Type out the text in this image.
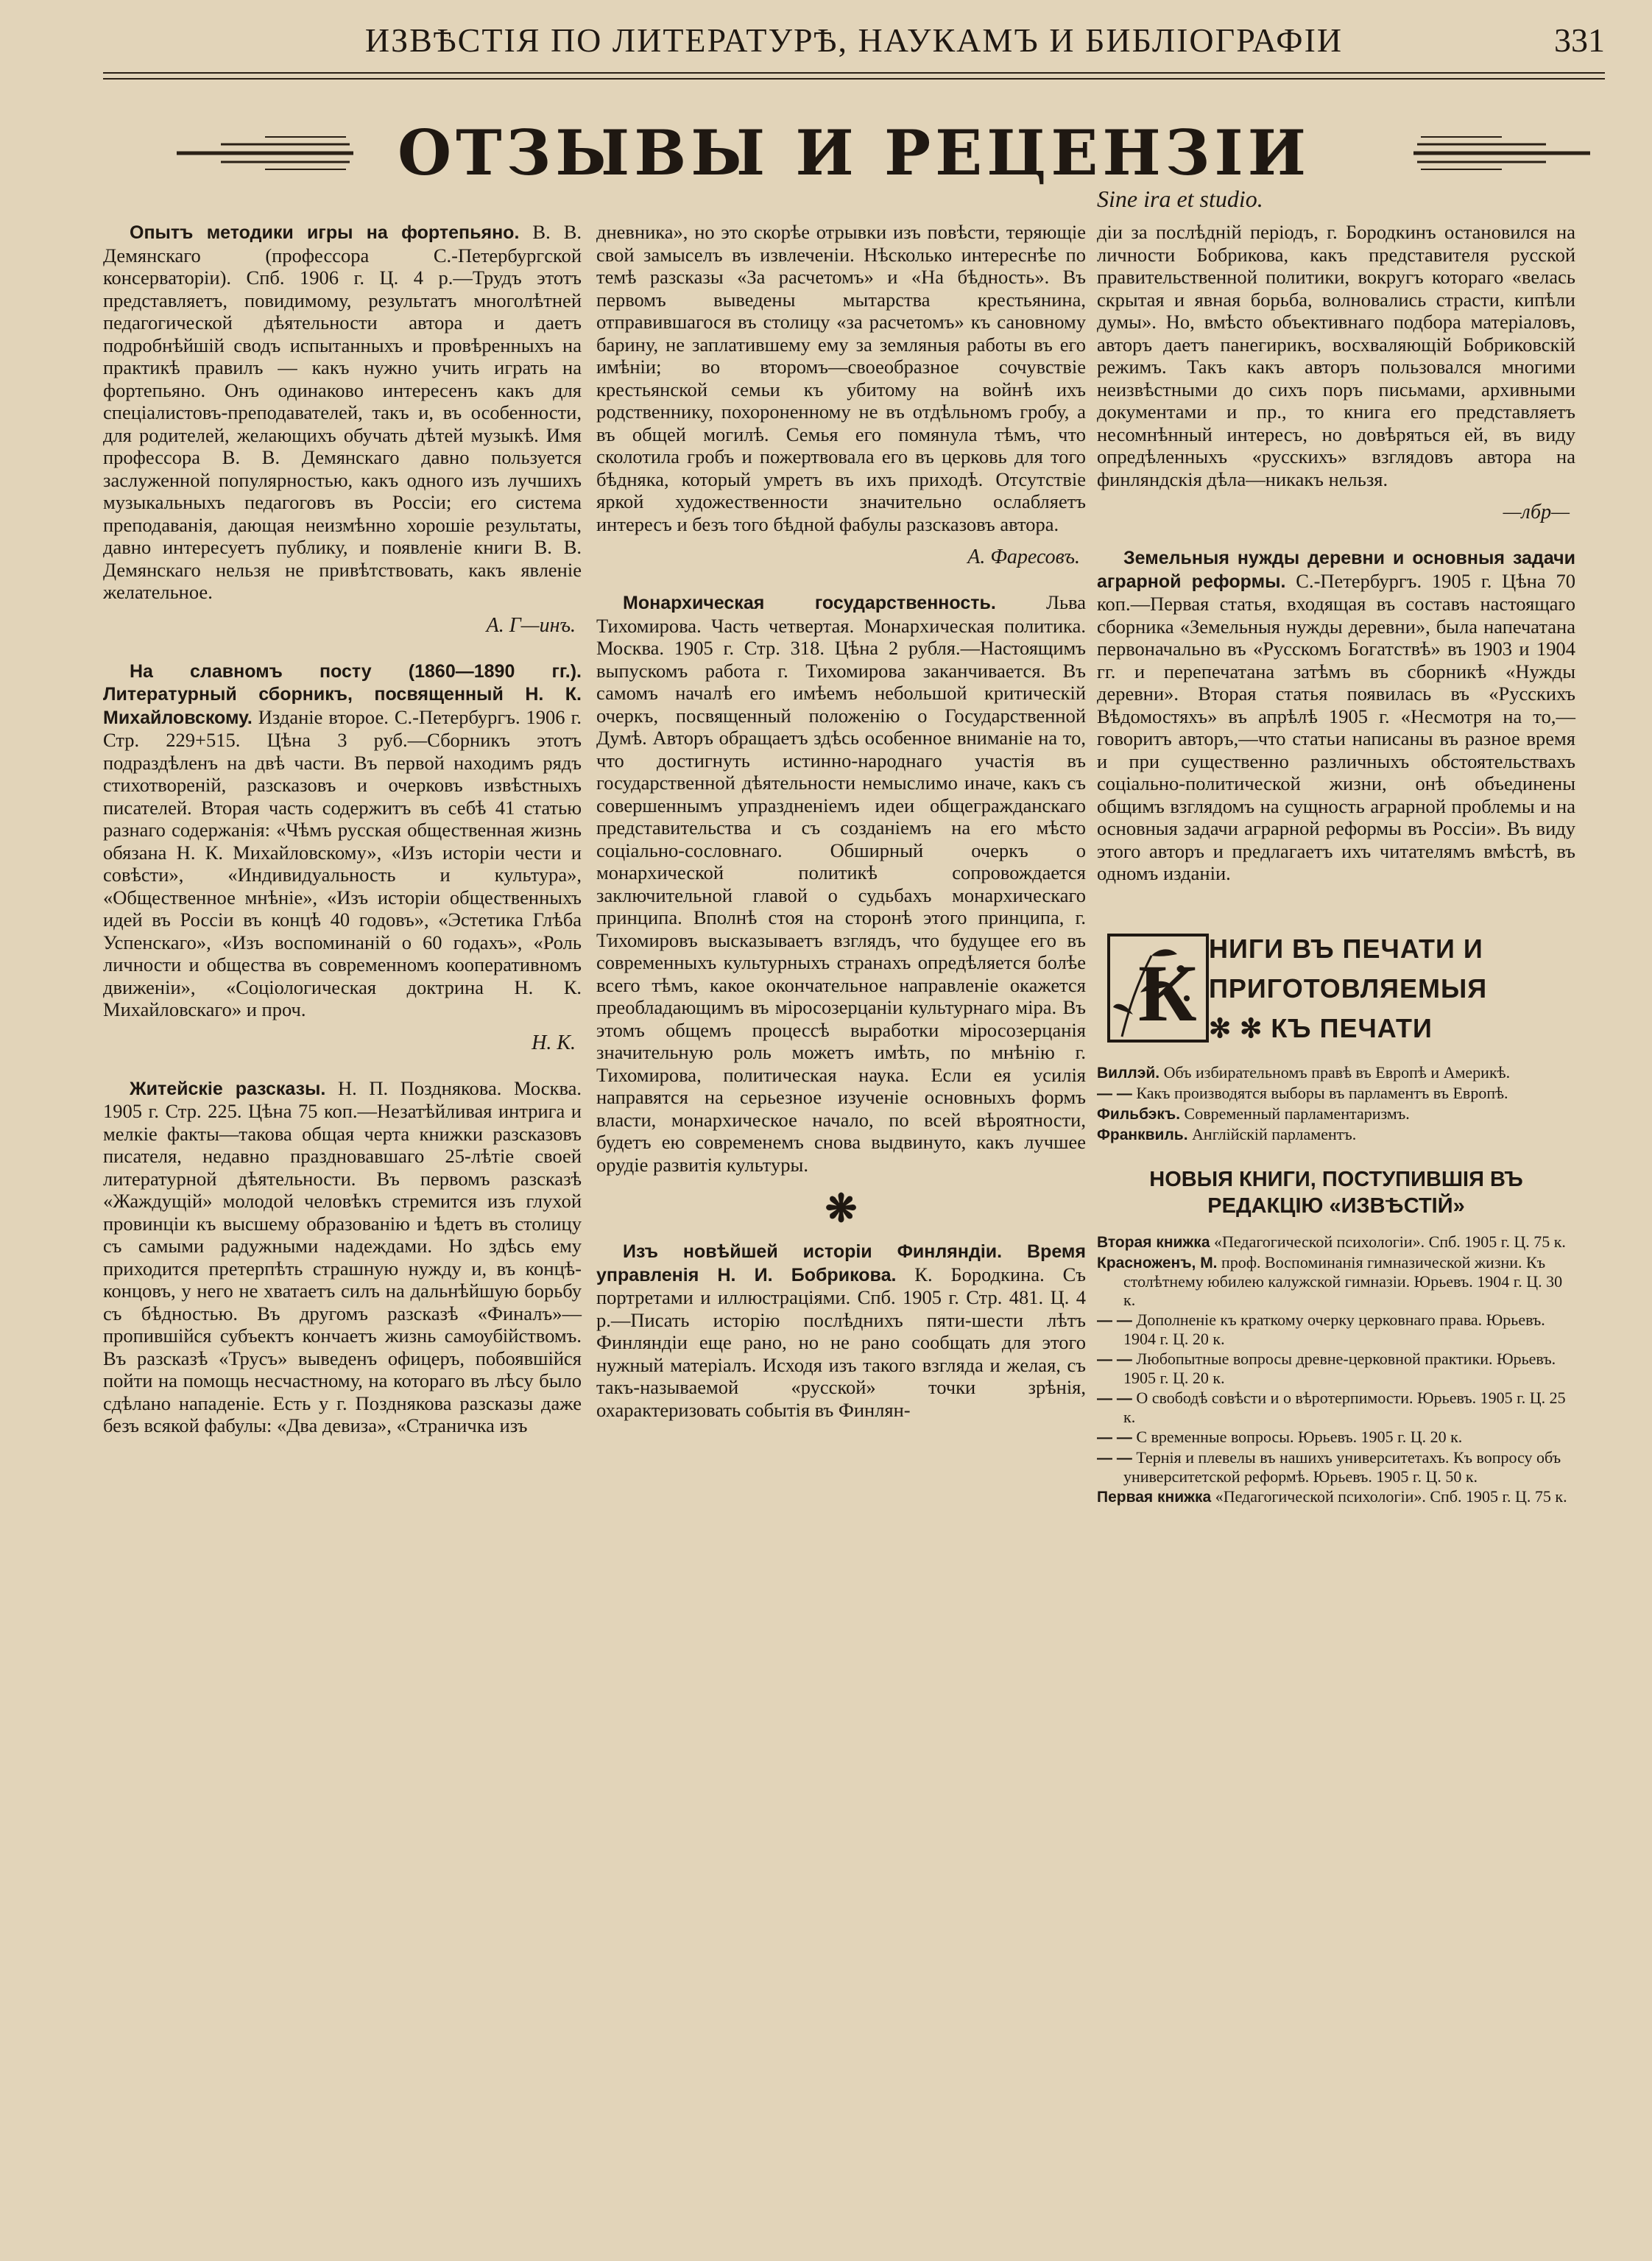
ИЗВѢСТІЯ ПО ЛИТЕРАТУРѢ, НАУКАМЪ И БИБЛІОГРАФІИ	331
ОТЗЫВЫ И РЕЦЕНЗІИ
Sine ira et studio.

Опытъ методики игры на фортепьяно. В. В. Демянскаго (профессора С.-Петербургской консерваторіи). Спб. 1906 г. Ц. 4 р.—Трудъ этотъ представляетъ, повидимому, результатъ многолѣтней педагогической дѣятельности автора и даетъ подробнѣйшій сводъ испытанныхъ и провѣренныхъ на практикѣ правилъ — какъ нужно учить играть на фортепьяно. Онъ одинаково интересенъ какъ для спеціалистовъ-преподавателей, такъ и, въ особенности, для родителей, желающихъ обучать дѣтей музыкѣ. Имя профессора В. В. Демянскаго давно пользуется заслуженной популярностью, какъ одного изъ лучшихъ музыкальныхъ педагоговъ въ Россіи; его система преподаванія, дающая неизмѣнно хорошіе результаты, давно интересуетъ публику, и появленіе книги В. В. Демянскаго нельзя не привѣтствовать, какъ явленіе желательное.

А. Г—инъ.

На славномъ посту (1860—1890 гг.). Литературный сборникъ, посвященный Н. К. Михайловскому. Изданіе второе. С.-Петербургъ. 1906 г. Стр. 229+515. Цѣна 3 руб.—Сборникъ этотъ подраздѣленъ на двѣ части. Въ первой находимъ рядъ стихотвореній, разсказовъ и очерковъ извѣстныхъ писателей. Вторая часть содержитъ въ себѣ 41 статью разнаго содержанія: «Чѣмъ русская общественная жизнь обязана Н. К. Михайловскому», «Изъ исторіи чести и совѣсти», «Индивидуальность и культура», «Общественное мнѣніе», «Изъ исторіи общественныхъ идей въ Россіи въ концѣ 40 годовъ», «Эстетика Глѣба Успенскаго», «Изъ воспоминаній о 60 годахъ», «Роль личности и общества въ современномъ кооперативномъ движеніи», «Соціологическая доктрина Н. К. Михайловскаго» и проч.

Н. К.

Житейскіе разсказы. Н. П. Позднякова. Москва. 1905 г. Стр. 225. Цѣна 75 коп.—Незатѣйливая интрига и мелкіе факты—такова общая черта книжки разсказовъ писателя, недавно праздновавшаго 25-лѣтіе своей литературной дѣятельности. Въ первомъ разсказѣ «Жаждущій» молодой человѣкъ стремится изъ глухой провинціи къ высшему образованію и ѣдетъ въ столицу съ самыми радужными надеждами. Но здѣсь ему приходится претерпѣть страшную нужду и, въ концѣ-концовъ, у него не хватаетъ силъ на дальнѣйшую борьбу съ бѣдностью. Въ другомъ разсказѣ «Финалъ»—пропившійся субъектъ кончаетъ жизнь самоубійствомъ. Въ разсказѣ «Трусъ» выведенъ офицеръ, побоявшійся пойти на помощь несчастному, на котораго въ лѣсу было сдѣлано нападеніе. Есть у г. Позднякова разсказы даже безъ всякой фабулы: «Два девиза», «Страничка изъ

дневника», но это скорѣе отрывки изъ повѣсти, теряющіе свой замыселъ въ извлеченіи. Нѣсколько интереснѣе по темѣ разсказы «За расчетомъ» и «На бѣдность». Въ первомъ выведены мытарства крестьянина, отправившагося въ столицу «за расчетомъ» къ сановному барину, не заплатившему ему за земляныя работы въ его имѣніи; во второмъ—своеобразное сочувствіе крестьянской семьи къ убитому на войнѣ ихъ родственнику, похороненному не въ отдѣльномъ гробу, а въ общей могилѣ. Семья его помянула тѣмъ, что сколотила гробъ и пожертвовала его въ церковь для того бѣдняка, который умретъ въ ихъ приходѣ. Отсутствіе яркой художественности значительно ослабляетъ интересъ и безъ того бѣдной фабулы разсказовъ автора.

А. Фаресовъ.

Монархическая государственность.	Льва Тихомирова. Часть четвертая. Монархическая политика. Москва. 1905 г. Стр. 318. Цѣна 2 рубля.—Настоящимъ выпускомъ работа г. Тихомирова заканчивается. Въ самомъ началѣ его имѣемъ небольшой критическій очеркъ, посвященный положенію о Государственной Думѣ. Авторъ обращаетъ здѣсь особенное вниманіе на то, что достигнуть истинно-народнаго участія въ государственной дѣятельности немыслимо иначе, какъ съ совершеннымъ упраздненіемъ идеи общегражданскаго представительства и съ созданіемъ на его мѣсто соціально-сословнаго. Обширный очеркъ о монархической политикѣ сопровождается заключительной главой о судьбахъ монархическаго принципа. Вполнѣ стоя на сторонѣ этого принципа, г. Тихомировъ высказываетъ взглядъ, что будущее его въ современныхъ культурныхъ странахъ опредѣляется болѣе всего тѣмъ, какое окончательное направленіе окажется преобладающимъ въ міросозерцаніи культурнаго міра. Въ этомъ общемъ процессѣ выработки міросозерцанія значительную роль можетъ имѣть, по мнѣнію г. Тихомирова, политическая наука. Если ея усилія направятся на серьезное изученіе основныхъ формъ власти, монархическое начало, по всей вѣроятности, будетъ ею современемъ снова выдвинуто, какъ лучшее орудіе развитія культуры.

❋

Изъ новѣйшей исторіи Финляндіи. Время управленія Н. И. Бобрикова. К. Бородкина. Съ портретами и иллюстраціями. Спб. 1905 г. Стр. 481. Ц. 4 р.—Писать исторію послѣднихъ пяти-шести лѣтъ Финляндіи еще рано, но не рано сообщать для этого нужный матеріалъ. Исходя изъ такого взгляда и желая, съ такъ-называемой «русской» точки зрѣнія, охарактеризовать событія въ Финлян-

діи за послѣдній періодъ, г. Бородкинъ остановился на личности Бобрикова, какъ представителя русской правительственной политики, вокругъ котораго «велась скрытая и явная борьба, волновались страсти, кипѣли думы». Но, вмѣсто объективнаго подбора матеріаловъ, авторъ даетъ панегирикъ, восхваляющій Бобриковскій режимъ. Такъ какъ авторъ пользовался многими неизвѣстными до сихъ поръ письмами, архивными документами и пр., то книга его представляетъ несомнѣнный интересъ, но довѣряться ей, въ виду опредѣленныхъ «русскихъ» взглядовъ автора на финляндскія дѣла—никакъ нельзя.

—лбр—

Земельныя нужды деревни и основныя задачи аграрной реформы. С.-Петербургъ. 1905 г. Цѣна 70 коп.—Первая статья, входящая въ составъ настоящаго сборника «Земельныя нужды деревни», была напечатана первоначально въ «Русскомъ Богатствѣ» въ 1903 и 1904 гг. и перепечатана затѣмъ въ сборникѣ «Нужды деревни». Вторая статья появилась въ «Русскихъ Вѣдомостяхъ» въ апрѣлѣ 1905 г. «Несмотря на то,—говоритъ авторъ,—что статьи написаны въ разное время и при существенно различныхъ обстоятельствахъ соціально-политической жизни, онѣ объединены общимъ взглядомъ на сущность аграрной проблемы и на основныя задачи аграрной реформы въ Россіи». Въ виду этого авторъ и предлагаетъ ихъ читателямъ вмѣстѣ, въ одномъ изданіи.

К НИГИ ВЪ ПЕЧАТИ И
ПРИГОТОВЛЯЕМЫЯ
✻ ✻ КЪ ПЕЧАТИ
Виллэй. Объ избирательномъ правѣ въ Европѣ и Америкѣ.
— — Какъ производятся выборы въ парламентъ въ Европѣ.
Фильбэкъ. Современный парламентаризмъ.
Франквиль. Англійскій парламентъ.
НОВЫЯ КНИГИ, ПОСТУПИВШІЯ ВЪ РЕДАКЦІЮ «ИЗВѢСТІЙ»
Вторая книжка «Педагогической психологіи». Спб. 1905 г. Ц. 75 к.
Красноженъ, М. проф. Воспоминанія гимназической жизни. Къ столѣтнему юбилею калужской гимназіи. Юрьевъ. 1904 г. Ц. 30 к.
— — Дополненіе къ краткому очерку церковнаго права. Юрьевъ. 1904 г. Ц. 20 к.
— — Любопытные вопросы древне-церковной практики. Юрьевъ. 1905 г. Ц. 20 к.
— — О свободѣ совѣсти и о вѣротерпимости. Юрьевъ. 1905 г. Ц. 25 к.
— — С временные вопросы. Юрьевъ. 1905 г. Ц. 20 к.
— — Тернія и плевелы въ нашихъ университетахъ. Къ вопросу объ университетской реформѣ. Юрьевъ. 1905 г. Ц. 50 к.
Первая книжка «Педагогической психологіи». Спб. 1905 г. Ц. 75 к.
